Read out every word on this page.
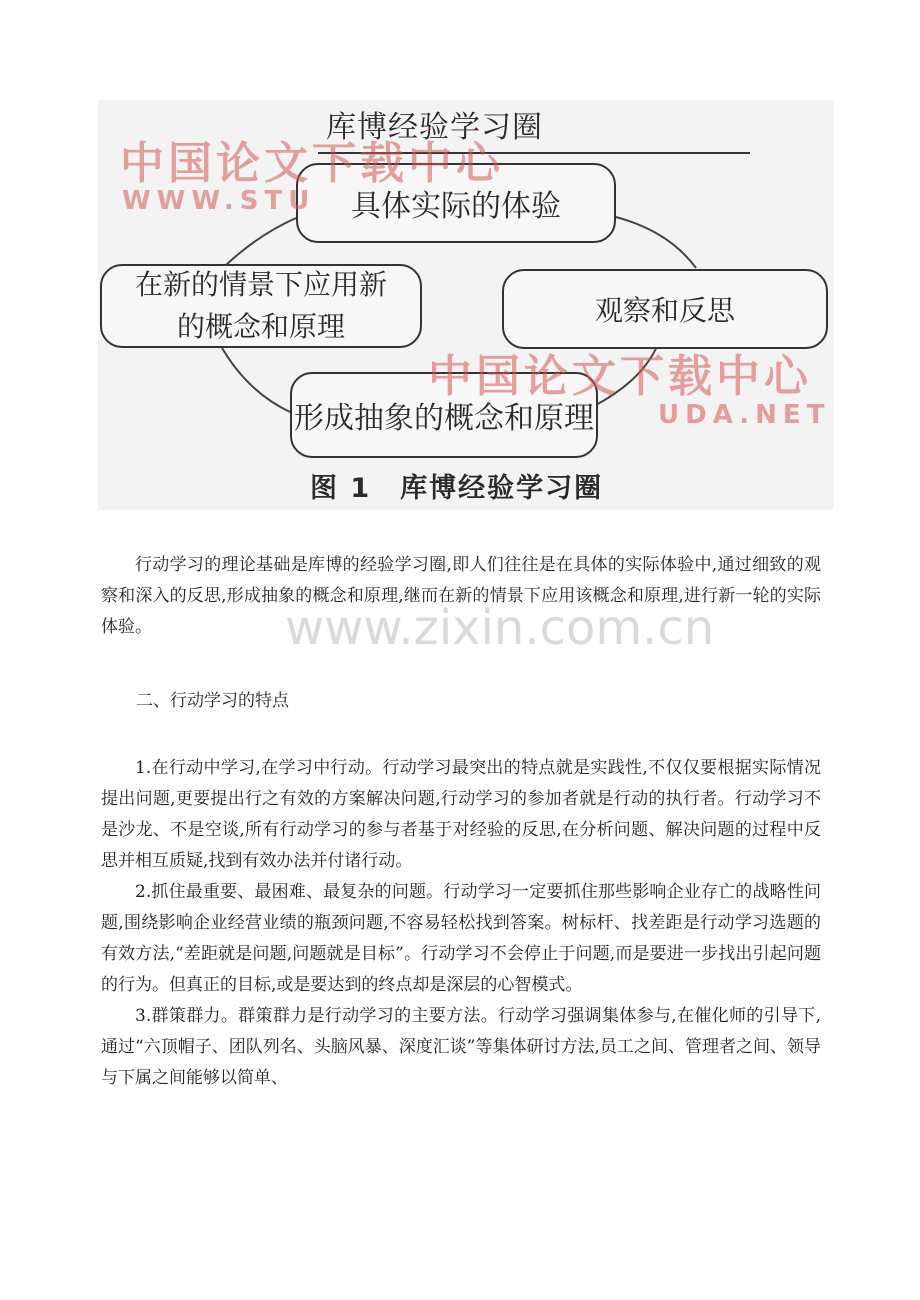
库博经验学习圈
具体实际的体验
在新的情景下应用新
的概念和原理	观察和反思
形成抽象的概念和原理
图 1　库博经验学习圈
中国论文下载中心
WWW.STU
中国论文下载中心
UDA.NET
www.zixin.com.cn

行动学习的理论基础是库博的经验学习圈,即人们往往是在具体的实际体验中,通过细致的观察和深入的反思,形成抽象的概念和原理,继而在新的情景下应用该概念和原理,进行新一轮的实际体验。

二、行动学习的特点

1.在行动中学习,在学习中行动。行动学习最突出的特点就是实践性,不仅仅要根据实际情况提出问题,更要提出行之有效的方案解决问题,行动学习的参加者就是行动的执行者。行动学习不是沙龙、不是空谈,所有行动学习的参与者基于对经验的反思,在分析问题、解决问题的过程中反思并相互质疑,找到有效办法并付诸行动。

2.抓住最重要、最困难、最复杂的问题。行动学习一定要抓住那些影响企业存亡的战略性问题,围绕影响企业经营业绩的瓶颈问题,不容易轻松找到答案。树标杆、找差距是行动学习选题的有效方法,“差距就是问题,问题就是目标”。行动学习不会停止于问题,而是要进一步找出引起问题的行为。但真正的目标,或是要达到的终点却是深层的心智模式。

3.群策群力。群策群力是行动学习的主要方法。行动学习强调集体参与,在催化师的引导下,通过“六顶帽子、团队列名、头脑风暴、深度汇谈”等集体研讨方法,员工之间、管理者之间、领导与下属之间能够以简单、
